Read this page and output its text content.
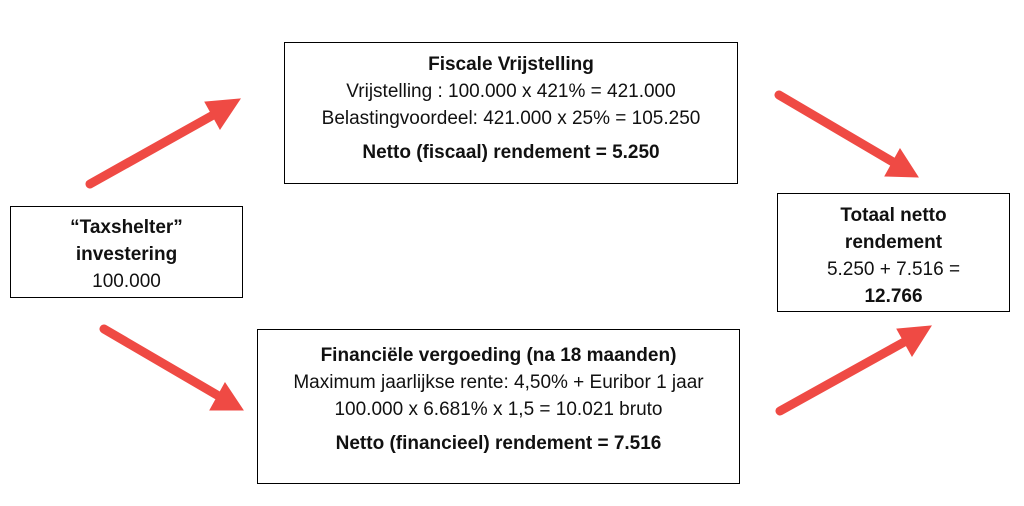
“Taxshelter”
investering
100.000
Fiscale Vrijstelling
Vrijstelling : 100.000 x 421% = 421.000
Belastingvoordeel: 421.000 x 25% = 105.250
Netto (fiscaal) rendement = 5.250
Financiële vergoeding (na 18 maanden)
Maximum jaarlijkse rente: 4,50% + Euribor 1 jaar
100.000 x 6.681% x 1,5 = 10.021 bruto
Netto (financieel) rendement = 7.516
Totaal netto
rendement
5.250 + 7.516 =
12.766
